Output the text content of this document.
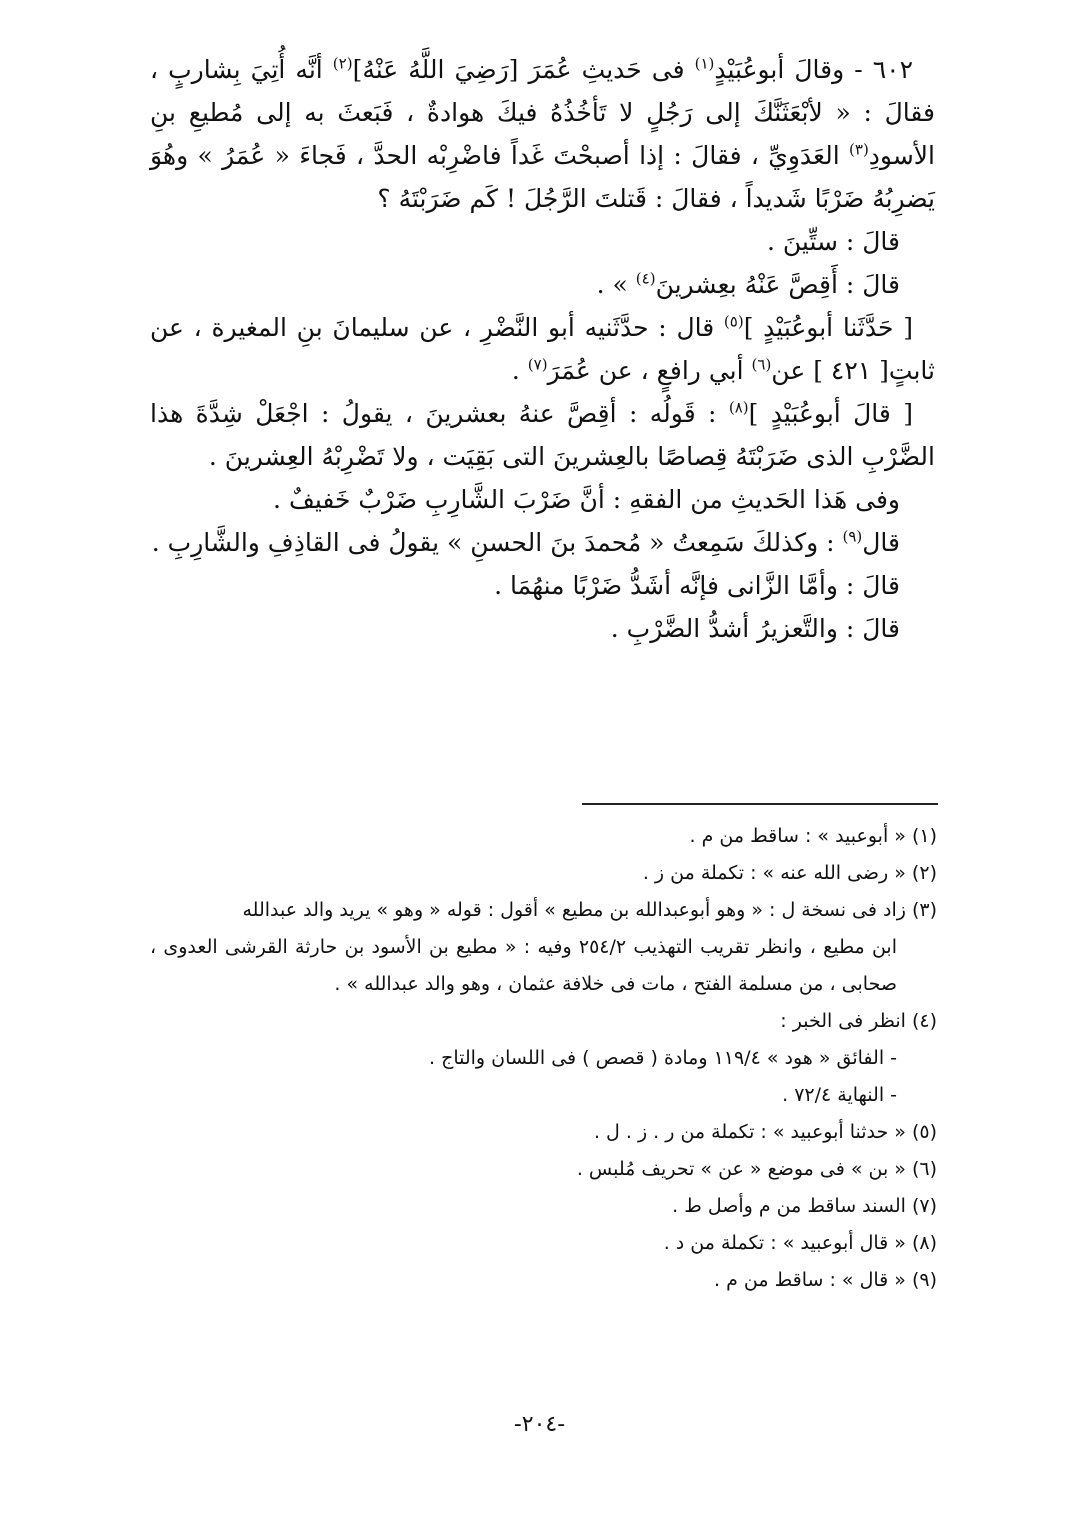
٦٠٢ - وقالَ أبوعُبَيْدٍ$^{(١)}$ فى حَديثِ عُمَرَ [رَضِيَ اللَّهُ عَنْهُ]$^{(٢)}$ أنَّه أُتِيَ بِشاربٍ ، فقالَ : « لأبْعَثَنَّكَ إلى رَجُلٍ لا تَأخُذُهُ فيكَ هوادةٌ ، فَبَعثَ به إلى مُطيعِ بنِ الأسودِ$^{(٣)}$ العَدَوِيِّ ، فقالَ : إذا أصبحْتَ غَداً فاضْرِبْه الحدَّ ، فَجاءَ « عُمَرُ » وهُوَ يَضرِبُهُ ضَرْبًا شَديداً ، فقالَ : قَتلتَ الرَّجُلَ ! كَم ضَرَبْتَهُ ؟

قالَ : ستِّينَ .

قالَ : أَقِصَّ عَنْهُ بعِشرينَ$^{(٤)}$ » .

[ حَدَّثَنا أبوعُبَيْدٍ ]$^{(٥)}$ قال : حدَّثَنيه أبو النَّضْرِ ، عن سليمانَ بنِ المغيرة ، عن ثابتٍ[ ٤٢١ ] عن$^{(٦)}$ أبي رافعٍ ، عن عُمَرَ$^{(٧)}$ .

[ قالَ أبوعُبَيْدٍ ]$^{(٨)}$ : قَولُه : أقِصَّ عنهُ بعشرينَ ، يقولُ : اجْعَلْ شِدَّةَ هذا الضَّرْبِ الذى ضَرَبْتَهُ قِصاصًا بالعِشرينَ التى بَقِيَت ، ولا تَضْرِبْهُ العِشرينَ .

وفى هَذا الحَديثِ من الفقهِ : أنَّ ضَرْبَ الشَّارِبِ ضَرْبٌ خَفيفٌ .

قال$^{(٩)}$ : وكذلكَ سَمِعتُ « مُحمدَ بنَ الحسنِ » يقولُ فى القاذِفِ والشَّارِبِ .

قالَ : وأمَّا الزَّانى فإنَّه أشَدُّ ضَرْبًا منهُمَا .

قالَ : والتَّعزيرُ أشدُّ الضَّرْبِ .

(١) « أبوعبيد » : ساقط من م .

(٢) « رضى الله عنه » : تكملة من ز .

(٣) زاد فى نسخة ل : « وهو أبوعبدالله بن مطيع » أقول : قوله « وهو » يريد والد عبدالله

ابن مطيع ، وانظر تقريب التهذيب ٢٥٤/٢ وفيه : « مطيع بن الأسود بن حارثة القرشى العدوى ، صحابى ، من مسلمة الفتح ، مات فى خلافة عثمان ، وهو والد عبدالله » .

(٤) انظر فى الخبر :

- الفائق « هود » ١١٩/٤ ومادة ( قصص ) فى اللسان والتاج .

- النهاية ٧٢/٤ .

(٥) « حدثنا أبوعبيد » : تكملة من ر . ز . ل .

(٦) « بن » فى موضع « عن » تحريف مُلبس .

(٧) السند ساقط من م وأصل ط .

(٨) « قال أبوعبيد » : تكملة من د .

(٩) « قال » : ساقط من م .

-٢٠٤-
